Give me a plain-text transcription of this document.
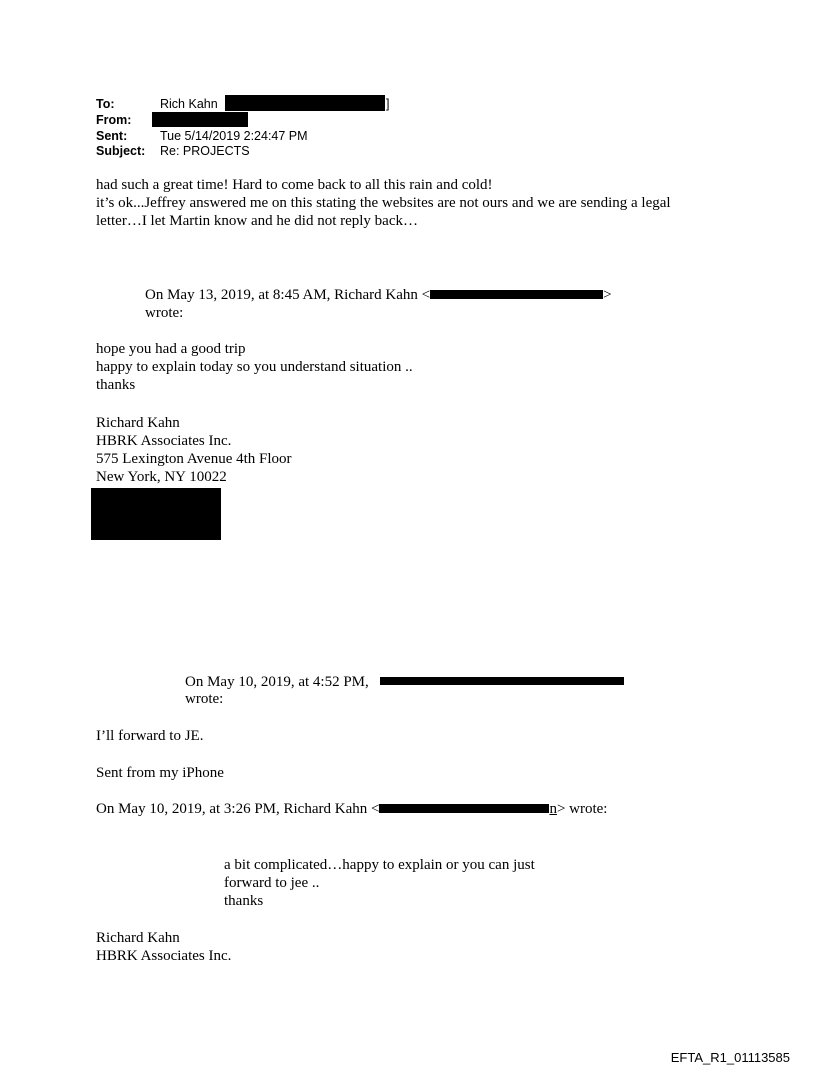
To:	Rich Kahn	]
From:
Sent:	Tue 5/14/2019 2:24:47 PM
Subject: Re: PROJECTS
had such a great time! Hard to come back to all this rain and cold!
it’s ok...Jeffrey answered me on this stating the websites are not ours and we are sending a legal
letter…I let Martin know and he did not reply back…
On May 13, 2019, at 8:45 AM, Richard Kahn <	>
wrote:
hope you had a good trip
happy to explain today so you understand situation ..
thanks
Richard Kahn
HBRK Associates Inc.
575 Lexington Avenue 4th Floor
New York, NY 10022
On May 10, 2019, at 4:52 PM,
wrote:
I’ll forward to JE.
Sent from my iPhone
On May 10, 2019, at 3:26 PM, Richard Kahn <	n> wrote:
a bit complicated…happy to explain or you can just
forward to jee ..
thanks
Richard Kahn
HBRK Associates Inc.
EFTA_R1_01113585
